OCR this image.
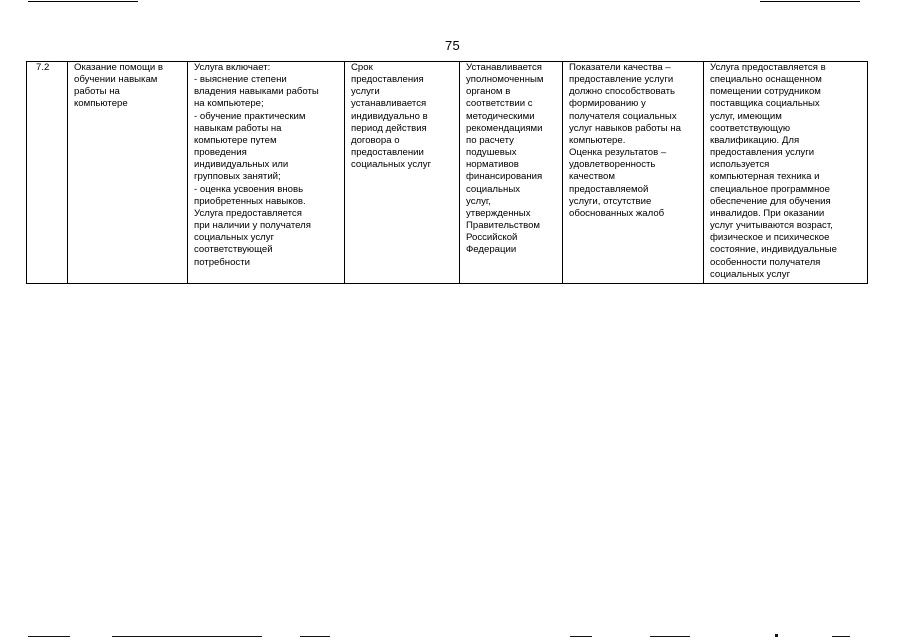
75
7.2	Оказание помощи в
обучении навыкам
работы на
компьютере	Услуга включает:
- выяснение степени
владения навыками работы
на компьютере;
- обучение практическим
навыкам работы на
компьютере путем
проведения
индивидуальных или
групповых занятий;
- оценка усвоения вновь
приобретенных навыков.
Услуга предоставляется
при наличии у получателя
социальных услуг
соответствующей
потребности	Срок
предоставления
услуги
устанавливается
индивидуально в
период действия
договора о
предоставлении
социальных услуг	Устанавливается
уполномоченным
органом в
соответствии с
методическими
рекомендациями
по расчету
подушевых
нормативов
финансирования
социальных
услуг,
утвержденных
Правительством
Российской
Федерации	Показатели качества –
предоставление услуги
должно способствовать
формированию у
получателя социальных
услуг навыков работы на
компьютере.
Оценка результатов –
удовлетворенность
качеством
предоставляемой
услуги, отсутствие
обоснованных жалоб	Услуга предоставляется в
специально оснащенном
помещении сотрудником
поставщика социальных
услуг, имеющим
соответствующую
квалификацию. Для
предоставления услуги
используется
компьютерная техника и
специальное программное
обеспечение для обучения
инвалидов. При оказании
услуг учитываются возраст,
физическое и психическое
состояние, индивидуальные
особенности получателя
социальных услуг
